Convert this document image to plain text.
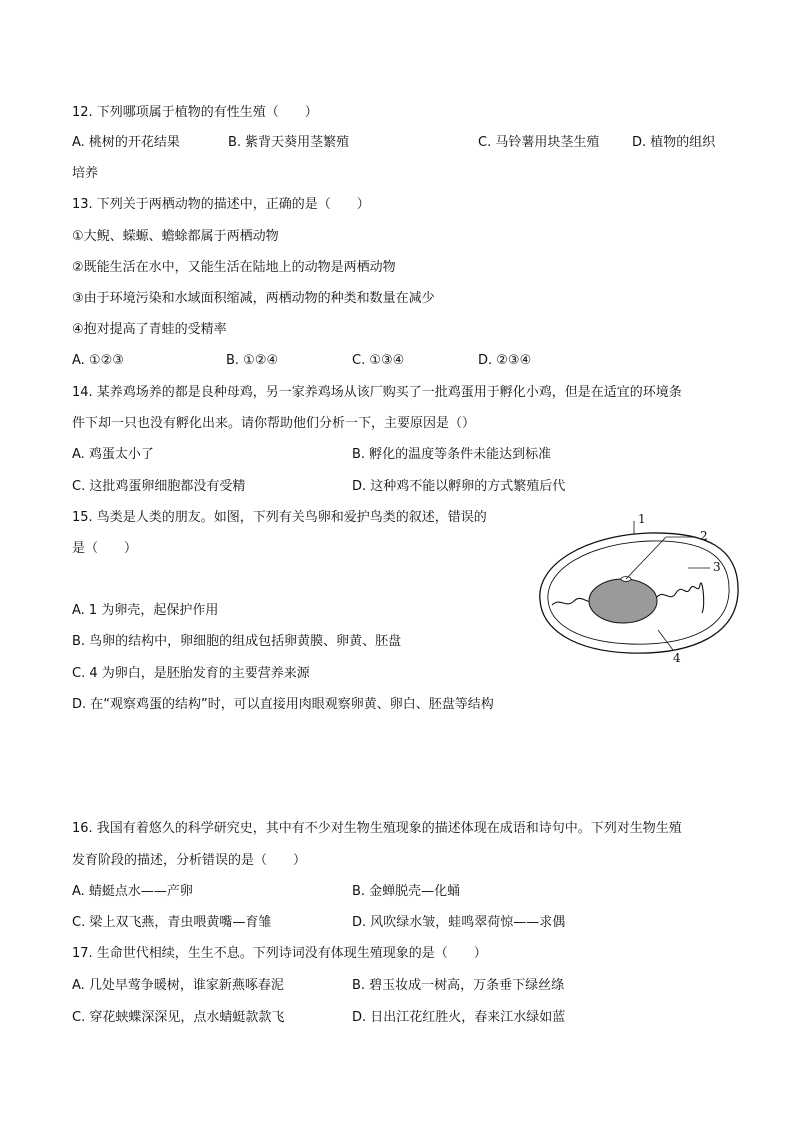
12. 下列哪项属于植物的有性生殖（　　）
A. 桃树的开花结果	B. 紫背天葵用茎繁殖	C. 马铃薯用块茎生殖	D. 植物的组织
培养
13. 下列关于两栖动物的描述中，正确的是（　　）
①大鲵、蝾螈、蟾蜍都属于两栖动物
②既能生活在水中，又能生活在陆地上的动物是两栖动物
③由于环境污染和水域面积缩减，两栖动物的种类和数量在减少
④抱对提高了青蛙的受精率
A. ①②③	B. ①②④	C. ①③④	D. ②③④
14. 某养鸡场养的都是良种母鸡，另一家养鸡场从该厂购买了一批鸡蛋用于孵化小鸡，但是在适宜的环境条
件下却一只也没有孵化出来。请你帮助他们分析一下，主要原因是（）
A. 鸡蛋太小了	B. 孵化的温度等条件未能达到标准
C. 这批鸡蛋卵细胞都没有受精	D. 这种鸡不能以孵卵的方式繁殖后代
15. 鸟类是人类的朋友。如图，下列有关鸟卵和爱护鸟类的叙述，错误的
是（　　）
A. 1 为卵壳，起保护作用
B. 鸟卵的结构中，卵细胞的组成包括卵黄膜、卵黄、胚盘
C. 4 为卵白，是胚胎发育的主要营养来源
D. 在“观察鸡蛋的结构”时，可以直接用肉眼观察卵黄、卵白、胚盘等结构
1
2
3
4
16. 我国有着悠久的科学研究史，其中有不少对生物生殖现象的描述体现在成语和诗句中。下列对生物生殖
发育阶段的描述，分析错误的是（　　）
A. 蜻蜓点水——产卵	B. 金蝉脱壳—化蛹
C. 梁上双飞燕，青虫喂黄嘴—育雏	D. 风吹绿水皱，蛙鸣翠荷惊——求偶
17. 生命世代相续，生生不息。下列诗词没有体现生殖现象的是（　　）
A. 几处早莺争暖树，谁家新燕啄春泥	B. 碧玉妆成一树高，万条垂下绿丝绦
C. 穿花蛱蝶深深见，点水蜻蜓款款飞	D. 日出江花红胜火，春来江水绿如蓝
